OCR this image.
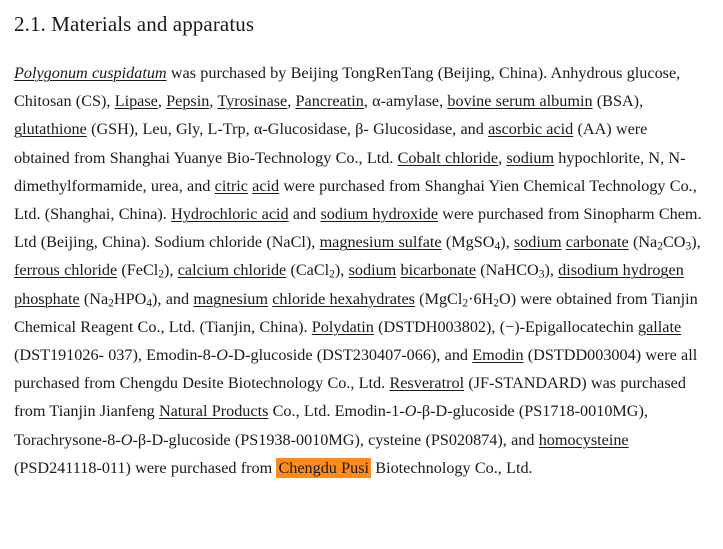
2.1. Materials and apparatus
Polygonum cuspidatum was purchased by Beijing TongRenTang (Beijing, China). Anhydrous glucose, Chitosan (CS), Lipase, Pepsin, Tyrosinase, Pancreatin, α-amylase, bovine serum albumin (BSA), glutathione (GSH), Leu, Gly, L-Trp, α-Glucosidase, β- Glucosidase, and ascorbic acid (AA) were obtained from Shanghai Yuanye Bio-Technology Co., Ltd. Cobalt chloride, sodium hypochlorite, N, N-dimethylformamide, urea, and citric acid were purchased from Shanghai Yien Chemical Technology Co., Ltd. (Shanghai, China). Hydrochloric acid and sodium hydroxide were purchased from Sinopharm Chem. Ltd (Beijing, China). Sodium chloride (NaCl), magnesium sulfate (MgSO$_4$), sodium carbonate $(Na_2CO_3)$, ferrous chloride (FeCl$_2$), calcium chloride (CaCl$_2$), sodium bicarbonate (NaHCO$_3$), disodium hydrogen phosphate $(Na_2HPO_4)$, and magnesium chloride hexahydrates $(MgCl_2\cdot 6H_2O)$ were obtained from Tianjin Chemical Reagent Co., Ltd. (Tianjin, China). Polydatin (DSTDH003802), (−)-Epigallocatechin gallate (DST191026- 037), Emodin-8-O-D-glucoside (DST230407-066), and Emodin (DSTDD003004) were all purchased from Chengdu Desite Biotechnology Co., Ltd. Resveratrol (JF-STANDARD) was purchased from Tianjin Jianfeng Natural Products Co., Ltd. Emodin-1-O-β-D-glucoside (PS1718-0010MG), Torachrysone-8-O-β-D-glucoside (PS1938-0010MG), cysteine (PS020874), and homocysteine (PSD241118-011) were purchased from Chengdu Pusi Biotechnology Co., Ltd.
